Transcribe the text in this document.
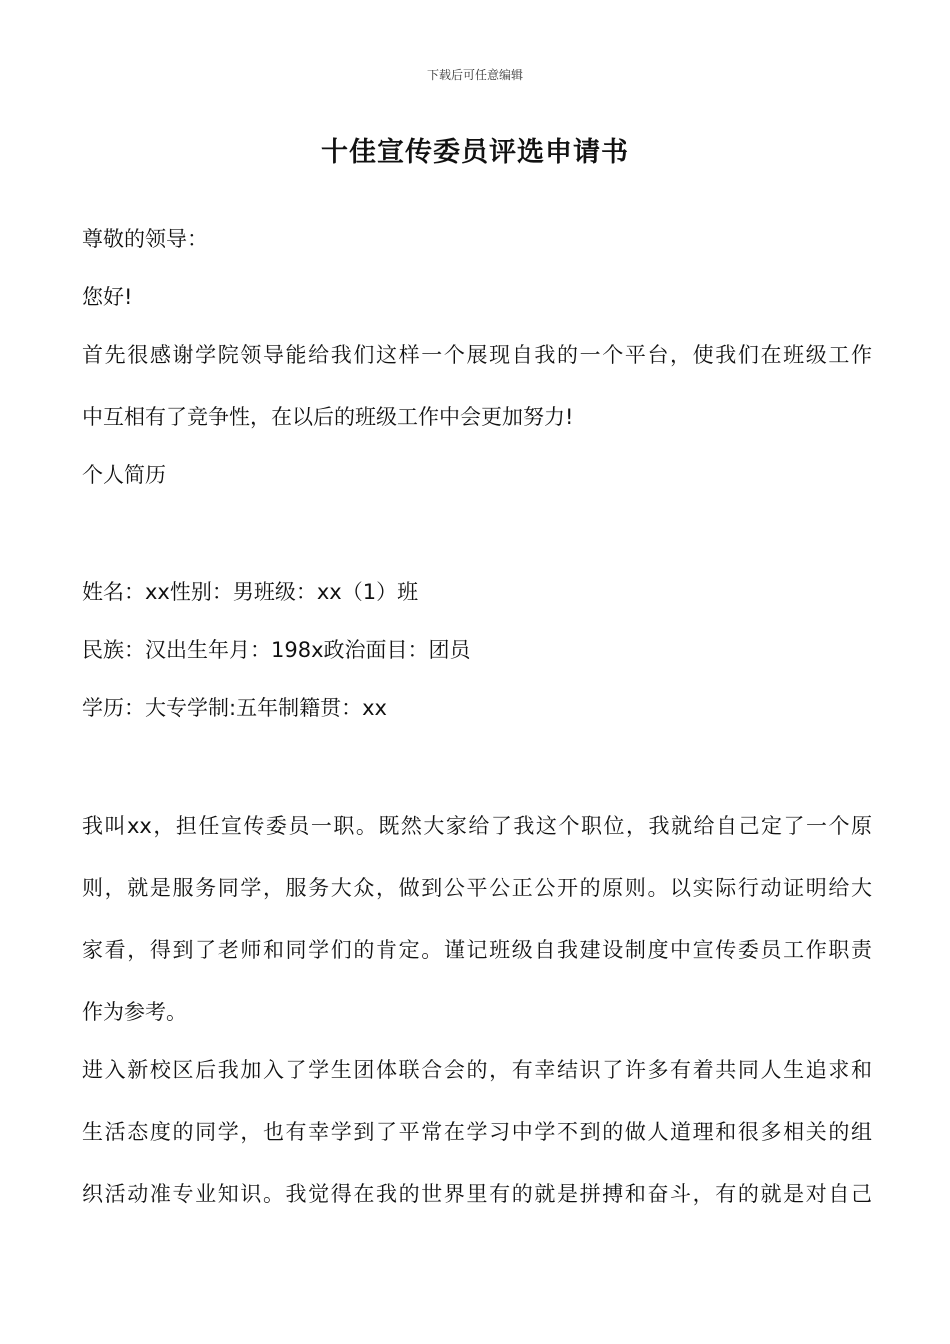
下载后可任意编辑
十佳宣传委员评选申请书
尊敬的领导：
您好!
首先很感谢学院领导能给我们这样一个展现自我的一个平台，使我们在班级工作
中互相有了竞争性，在以后的班级工作中会更加努力!
个人简历
姓名：xx性别：男班级：xx（1）班
民族：汉出生年月：198x政治面目：团员
学历：大专学制:五年制籍贯：xx
我叫xx，担任宣传委员一职。既然大家给了我这个职位，我就给自己定了一个原
则，就是服务同学，服务大众，做到公平公正公开的原则。以实际行动证明给大
家看，得到了老师和同学们的肯定。谨记班级自我建设制度中宣传委员工作职责
作为参考。
进入新校区后我加入了学生团体联合会的，有幸结识了许多有着共同人生追求和
生活态度的同学，也有幸学到了平常在学习中学不到的做人道理和很多相关的组
织活动准专业知识。我觉得在我的世界里有的就是拼搏和奋斗，有的就是对自己
